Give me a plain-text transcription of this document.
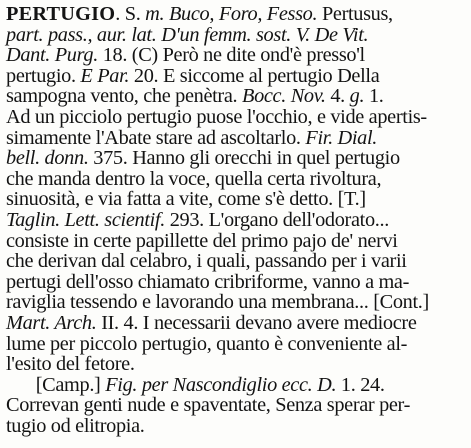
PERTUGIO. S. m. Buco, Foro, Fesso. Pertusus,
part. pass., aur. lat. D'un femm. sost. V. De Vit.
Dant. Purg. 18. (C) Però ne dite ond'è presso'l
pertugio. E Par. 20. E siccome al pertugio Della
sampogna vento, che penètra. Bocc. Nov. 4. g. 1.
Ad un picciolo pertugio puose l'occhio, e vide apertis-
simamente l'Abate stare ad ascoltarlo. Fir. Dial.
bell. donn. 375. Hanno gli orecchi in quel pertugio
che manda dentro la voce, quella certa rivoltura,
sinuosità, e via fatta a vite, come s'è detto. [T.]
Taglin. Lett. scientif. 293. L'organo dell'odorato...
consiste in certe papillette del primo pajo de' nervi
che derivan dal celabro, i quali, passando per i varii
pertugi dell'osso chiamato cribriforme, vanno a ma-
raviglia tessendo e lavorando una membrana... [Cont.]
Mart. Arch. II. 4. I necessarii devano avere mediocre
lume per piccolo pertugio, quanto è conveniente al-
l'esito del fetore.
[Camp.] Fig. per Nascondiglio ecc. D. 1. 24.
Correvan genti nude e spaventate, Senza sperar per-
tugio od elitropia.
